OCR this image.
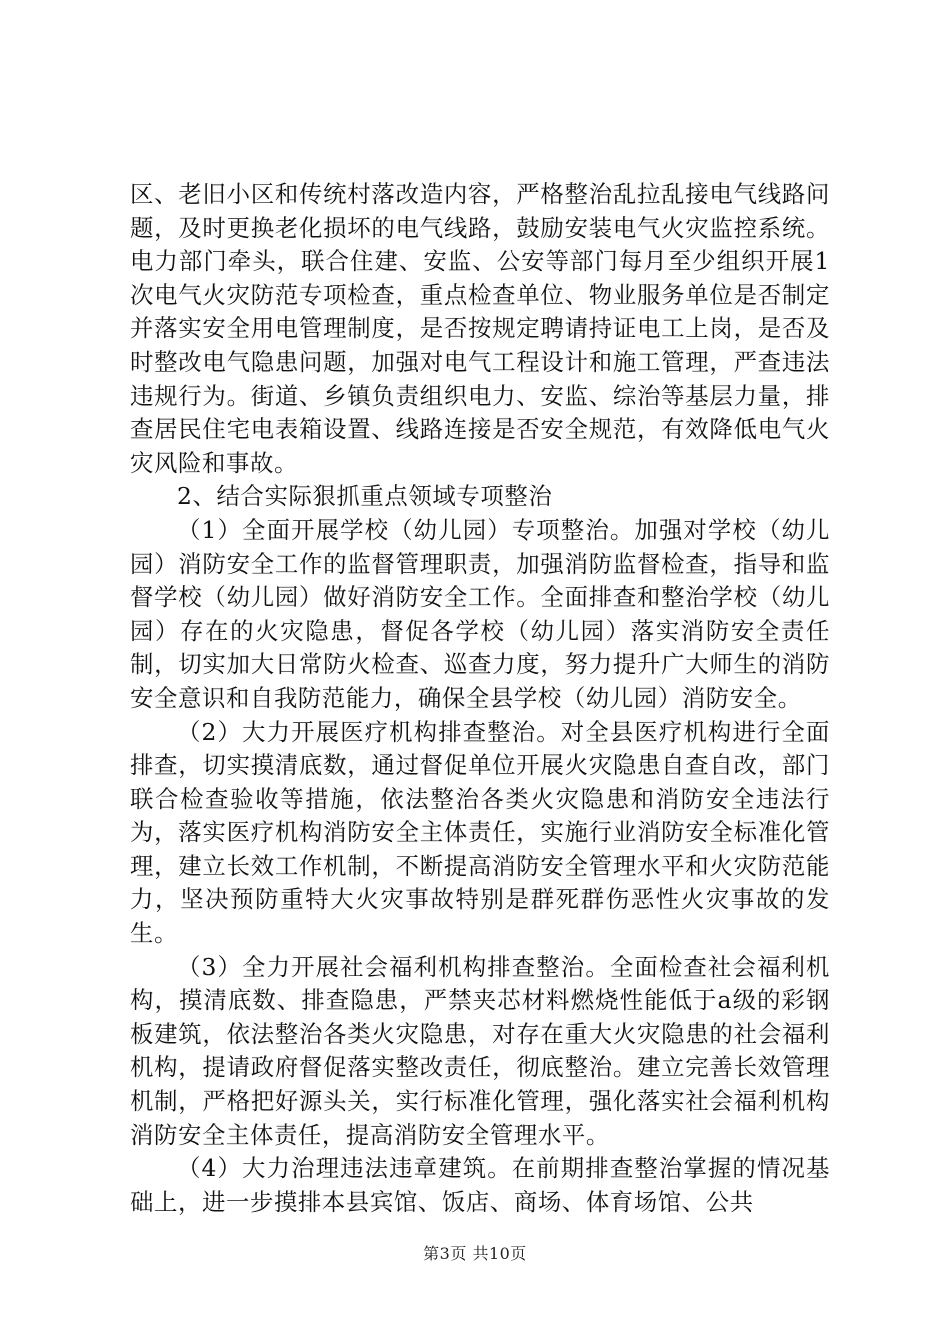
区、老旧小区和传统村落改造内容，严格整治乱拉乱接电气线路问题，及时更换老化损坏的电气线路，鼓励安装电气火灾监控系统。电力部门牵头，联合住建、安监、公安等部门每月至少组织开展1次电气火灾防范专项检查，重点检查单位、物业服务单位是否制定并落实安全用电管理制度，是否按规定聘请持证电工上岗，是否及时整改电气隐患问题，加强对电气工程设计和施工管理，严查违法违规行为。街道、乡镇负责组织电力、安监、综治等基层力量，排查居民住宅电表箱设置、线路连接是否安全规范，有效降低电气火灾风险和事故。

2、结合实际狠抓重点领域专项整治

（1）全面开展学校（幼儿园）专项整治。加强对学校（幼儿园）消防安全工作的监督管理职责，加强消防监督检查，指导和监督学校（幼儿园）做好消防安全工作。全面排查和整治学校（幼儿园）存在的火灾隐患，督促各学校（幼儿园）落实消防安全责任制，切实加大日常防火检查、巡查力度，努力提升广大师生的消防安全意识和自我防范能力，确保全县学校（幼儿园）消防安全。

（2）大力开展医疗机构排查整治。对全县医疗机构进行全面排查，切实摸清底数，通过督促单位开展火灾隐患自查自改，部门联合检查验收等措施，依法整治各类火灾隐患和消防安全违法行为，落实医疗机构消防安全主体责任，实施行业消防安全标准化管理，建立长效工作机制，不断提高消防安全管理水平和火灾防范能力，坚决预防重特大火灾事故特别是群死群伤恶性火灾事故的发生。

（3）全力开展社会福利机构排查整治。全面检查社会福利机构，摸清底数、排查隐患，严禁夹芯材料燃烧性能低于a级的彩钢板建筑，依法整治各类火灾隐患，对存在重大火灾隐患的社会福利机构，提请政府督促落实整改责任，彻底整治。建立完善长效管理机制，严格把好源头关，实行标准化管理，强化落实社会福利机构消防安全主体责任，提高消防安全管理水平。

（4）大力治理违法违章建筑。在前期排查整治掌握的情况基础上，进一步摸排本县宾馆、饭店、商场、体育场馆、公共

第3页 共10页
